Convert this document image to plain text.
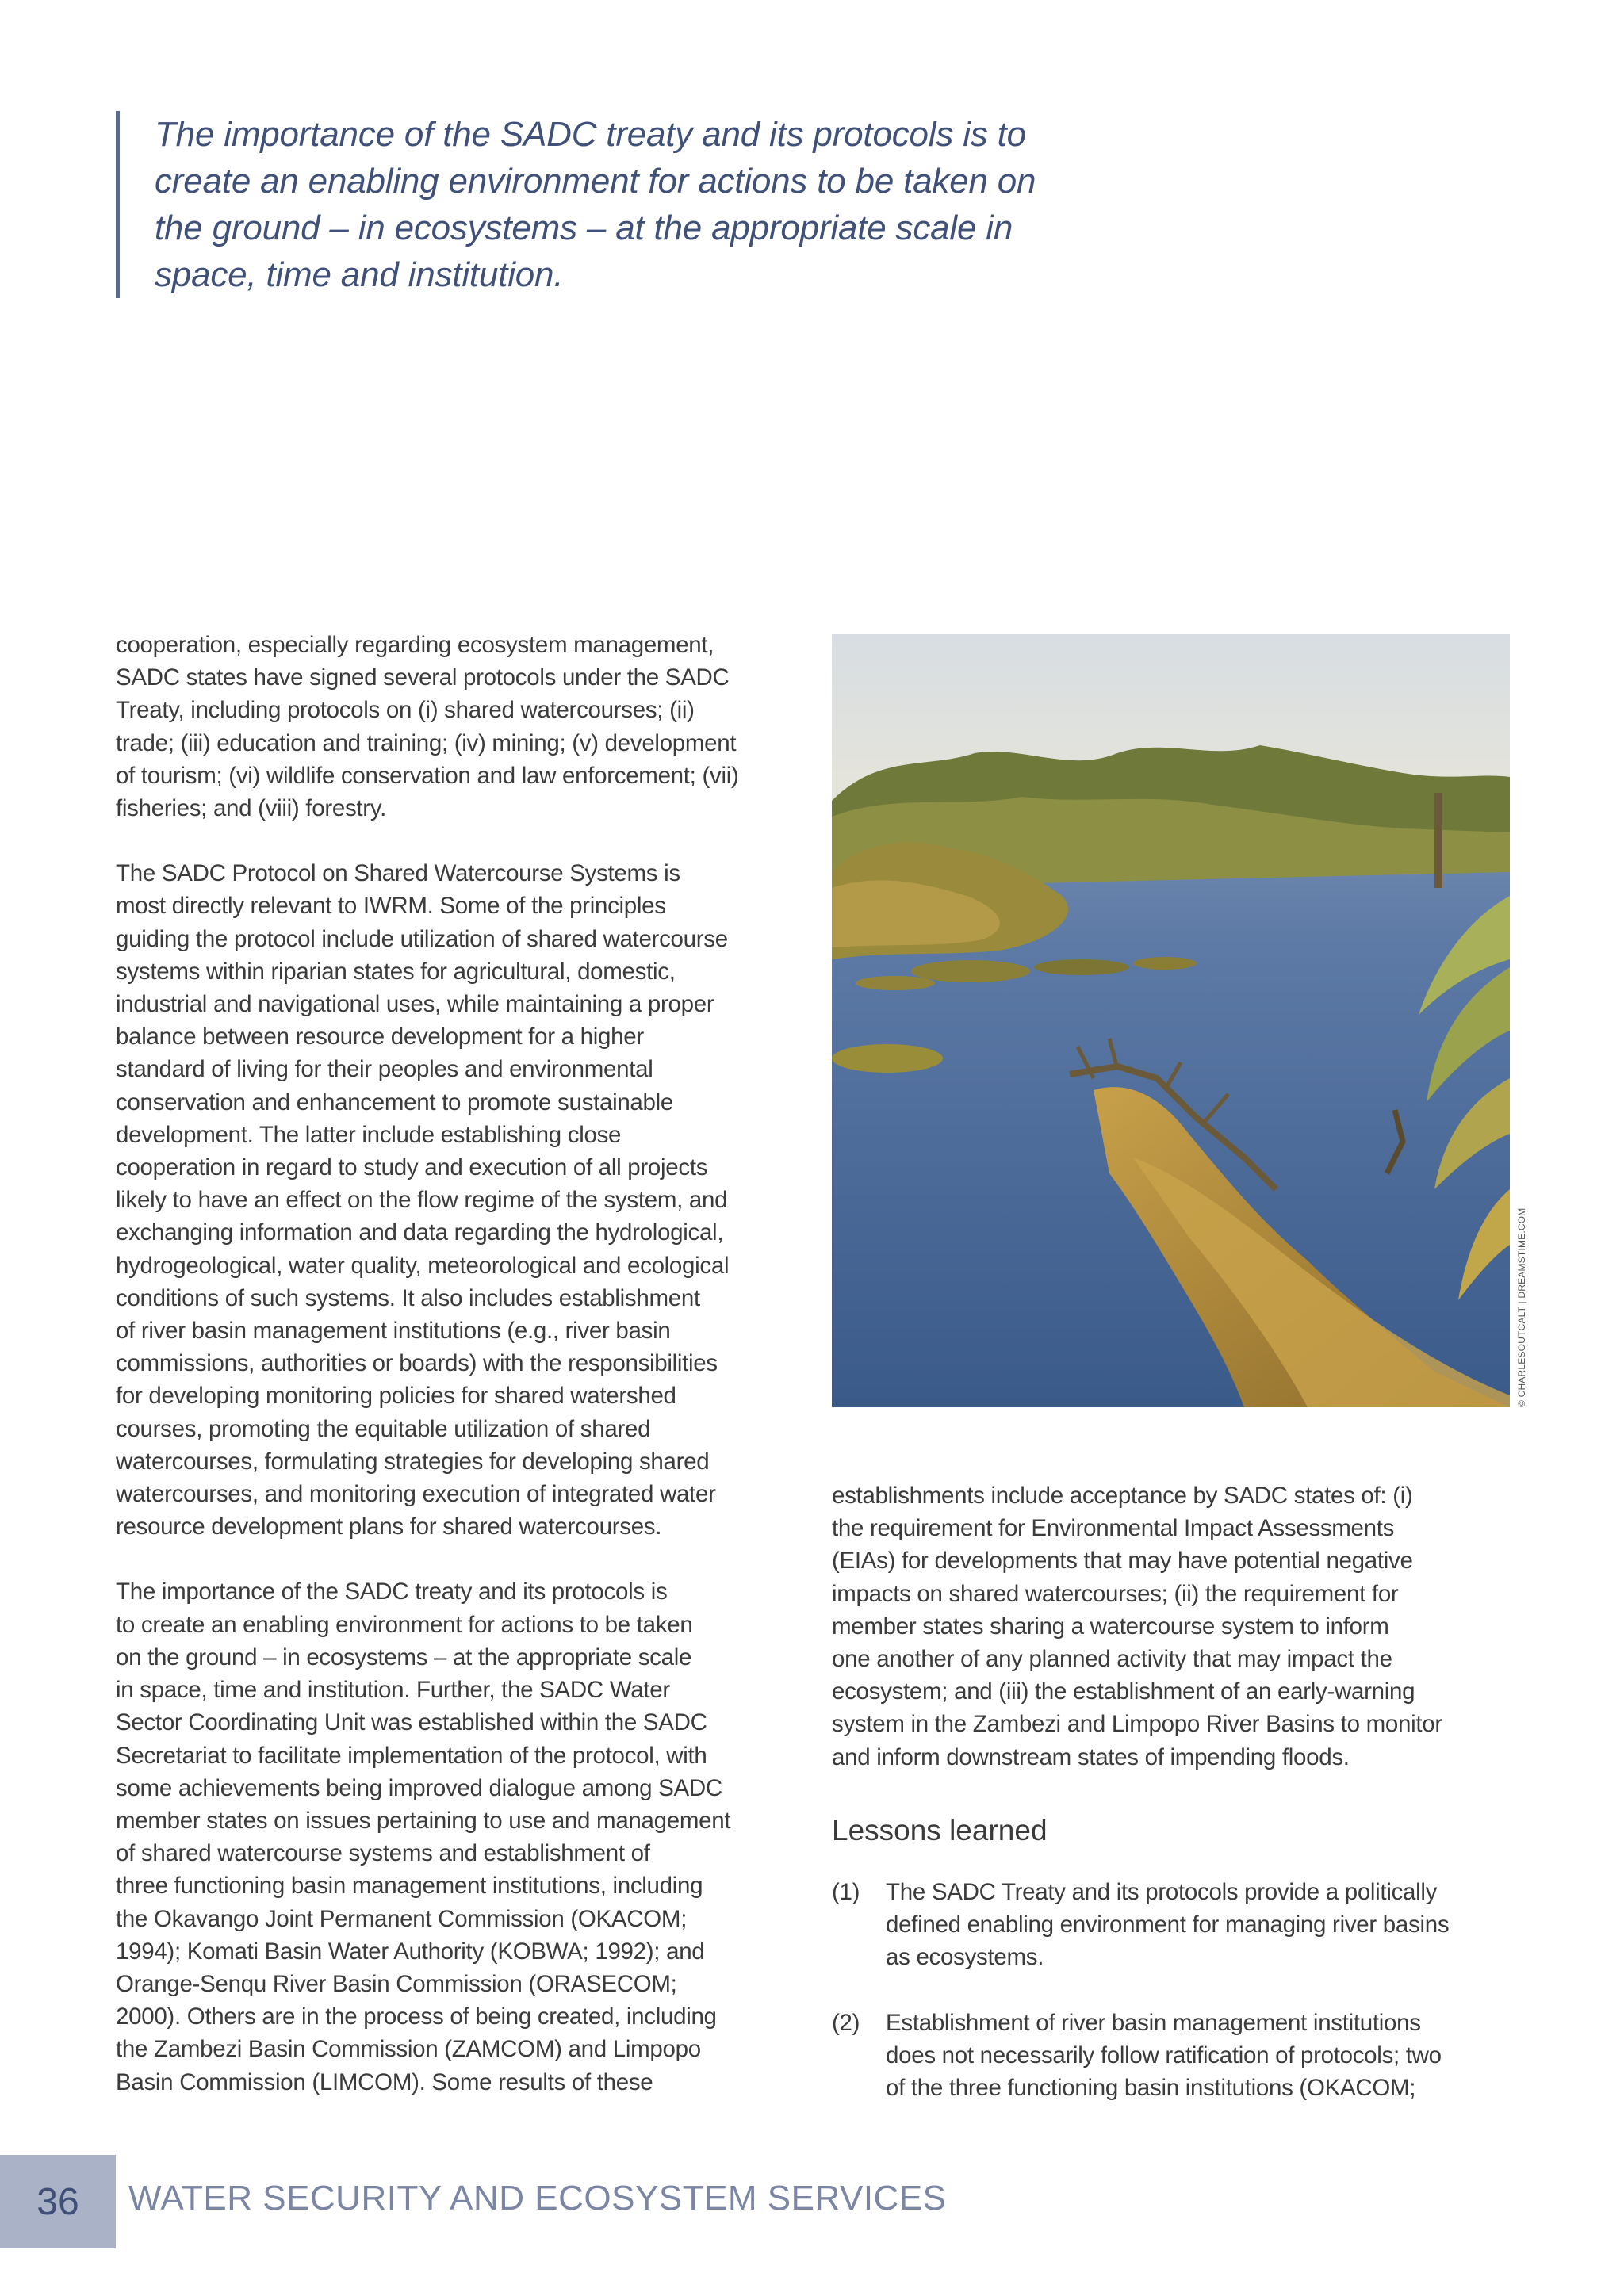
The importance of the SADC treaty and its protocols is to

create an enabling environment for actions to be taken on

the ground – in ecosystems – at the appropriate scale in

space, time and institution.

cooperation, especially regarding ecosystem management,

SADC states have signed several protocols under the SADC

Treaty, including protocols on (i) shared watercourses; (ii)

trade; (iii) education and training; (iv) mining; (v) development

of tourism; (vi) wildlife conservation and law enforcement; (vii)

fisheries; and (viii) forestry.

The SADC Protocol on Shared Watercourse Systems is

most directly relevant to IWRM. Some of the principles

guiding the protocol include utilization of shared watercourse

systems within riparian states for agricultural, domestic,

industrial and navigational uses, while maintaining a proper

balance between resource development for a higher

standard of living for their peoples and environmental

conservation and enhancement to promote sustainable

development. The latter include establishing close

cooperation in regard to study and execution of all projects

likely to have an effect on the flow regime of the system, and

exchanging information and data regarding the hydrological,

hydrogeological, water quality, meteorological and ecological

conditions of such systems. It also includes establishment

of river basin management institutions (e.g., river basin

commissions, authorities or boards) with the responsibilities

for developing monitoring policies for shared watershed

courses, promoting the equitable utilization of shared

watercourses, formulating strategies for developing shared

watercourses, and monitoring execution of integrated water

resource development plans for shared watercourses.

The importance of the SADC treaty and its protocols is

to create an enabling environment for actions to be taken

on the ground – in ecosystems – at the appropriate scale

in space, time and institution. Further, the SADC Water

Sector Coordinating Unit was established within the SADC

Secretariat to facilitate implementation of the protocol, with

some achievements being improved dialogue among SADC

member states on issues pertaining to use and management

of shared watercourse systems and establishment of

three functioning basin management institutions, including

the Okavango Joint Permanent Commission (OKACOM;

1994); Komati Basin Water Authority (KOBWA; 1992); and

Orange-Senqu River Basin Commission (ORASECOM;

2000). Others are in the process of being created, including

the Zambezi Basin Commission (ZAMCOM) and Limpopo

Basin Commission (LIMCOM). Some results of these

© CHARLESOUTCALT | DREAMSTIME.COM

establishments include acceptance by SADC states of: (i)

the requirement for Environmental Impact Assessments

(EIAs) for developments that may have potential negative

impacts on shared watercourses; (ii) the requirement for

member states sharing a watercourse system to inform

one another of any planned activity that may impact the

ecosystem; and (iii) the establishment of an early-warning

system in the Zambezi and Limpopo River Basins to monitor

and inform downstream states of impending floods.

Lessons learned
(1)	The SADC Treaty and its protocols provide a politically

defined enabling environment for managing river basins

as ecosystems.

(2)	Establishment of river basin management institutions

does not necessarily follow ratification of protocols; two

of the three functioning basin institutions (OKACOM;

36	WATER SECURITY AND ECOSYSTEM SERVICES
